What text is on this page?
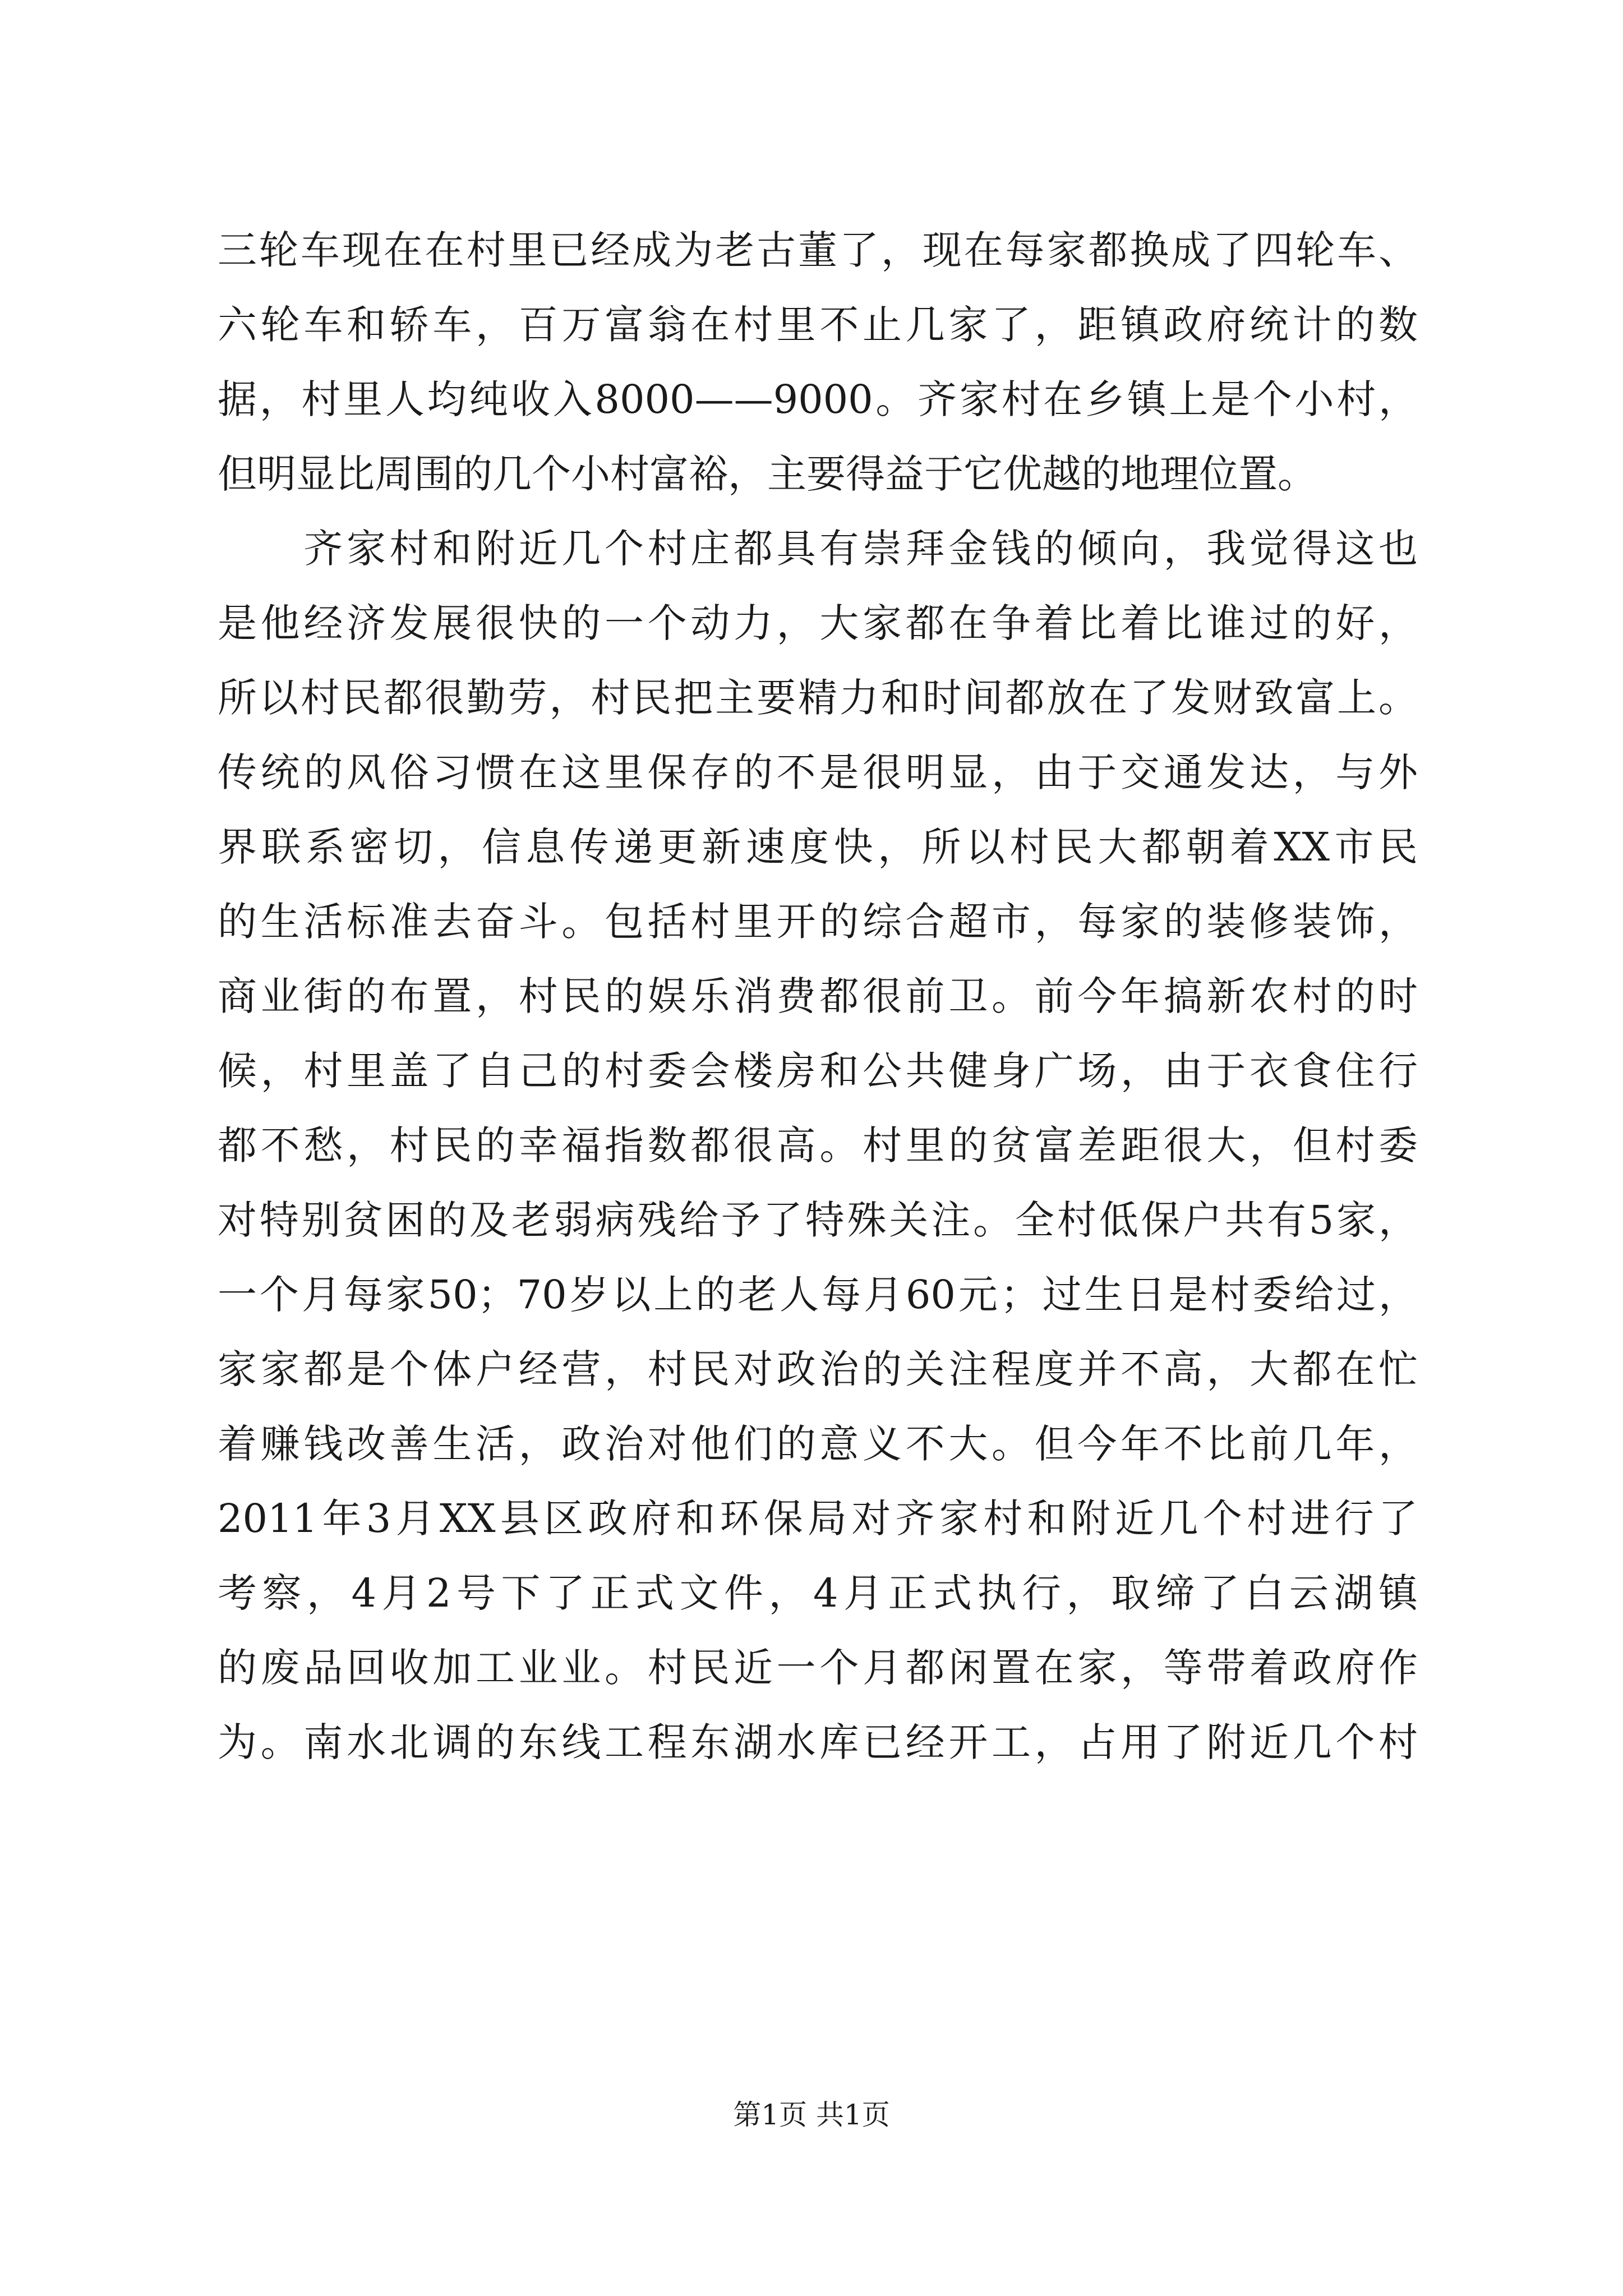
三轮车现在在村里已经成为老古董了，现在每家都换成了四轮车、
六轮车和轿车，百万富翁在村里不止几家了，距镇政府统计的数
据，村里人均纯收入8000——9000。齐家村在乡镇上是个小村，
但明显比周围的几个小村富裕，主要得益于它优越的地理位置。
　　齐家村和附近几个村庄都具有崇拜金钱的倾向，我觉得这也
是他经济发展很快的一个动力，大家都在争着比着比谁过的好，
所以村民都很勤劳，村民把主要精力和时间都放在了发财致富上。
传统的风俗习惯在这里保存的不是很明显，由于交通发达，与外
界联系密切，信息传递更新速度快，所以村民大都朝着XX市民
的生活标准去奋斗。包括村里开的综合超市，每家的装修装饰，
商业街的布置，村民的娱乐消费都很前卫。前今年搞新农村的时
候，村里盖了自己的村委会楼房和公共健身广场，由于衣食住行
都不愁，村民的幸福指数都很高。村里的贫富差距很大，但村委
对特别贫困的及老弱病残给予了特殊关注。全村低保户共有5家，
一个月每家50；70岁以上的老人每月60元；过生日是村委给过，
家家都是个体户经营，村民对政治的关注程度并不高，大都在忙
着赚钱改善生活，政治对他们的意义不大。但今年不比前几年，
2011年3月XX县区政府和环保局对齐家村和附近几个村进行了
考察，4月2号下了正式文件，4月正式执行，取缔了白云湖镇
的废品回收加工业业。村民近一个月都闲置在家，等带着政府作
为。南水北调的东线工程东湖水库已经开工，占用了附近几个村
第1页 共1页
